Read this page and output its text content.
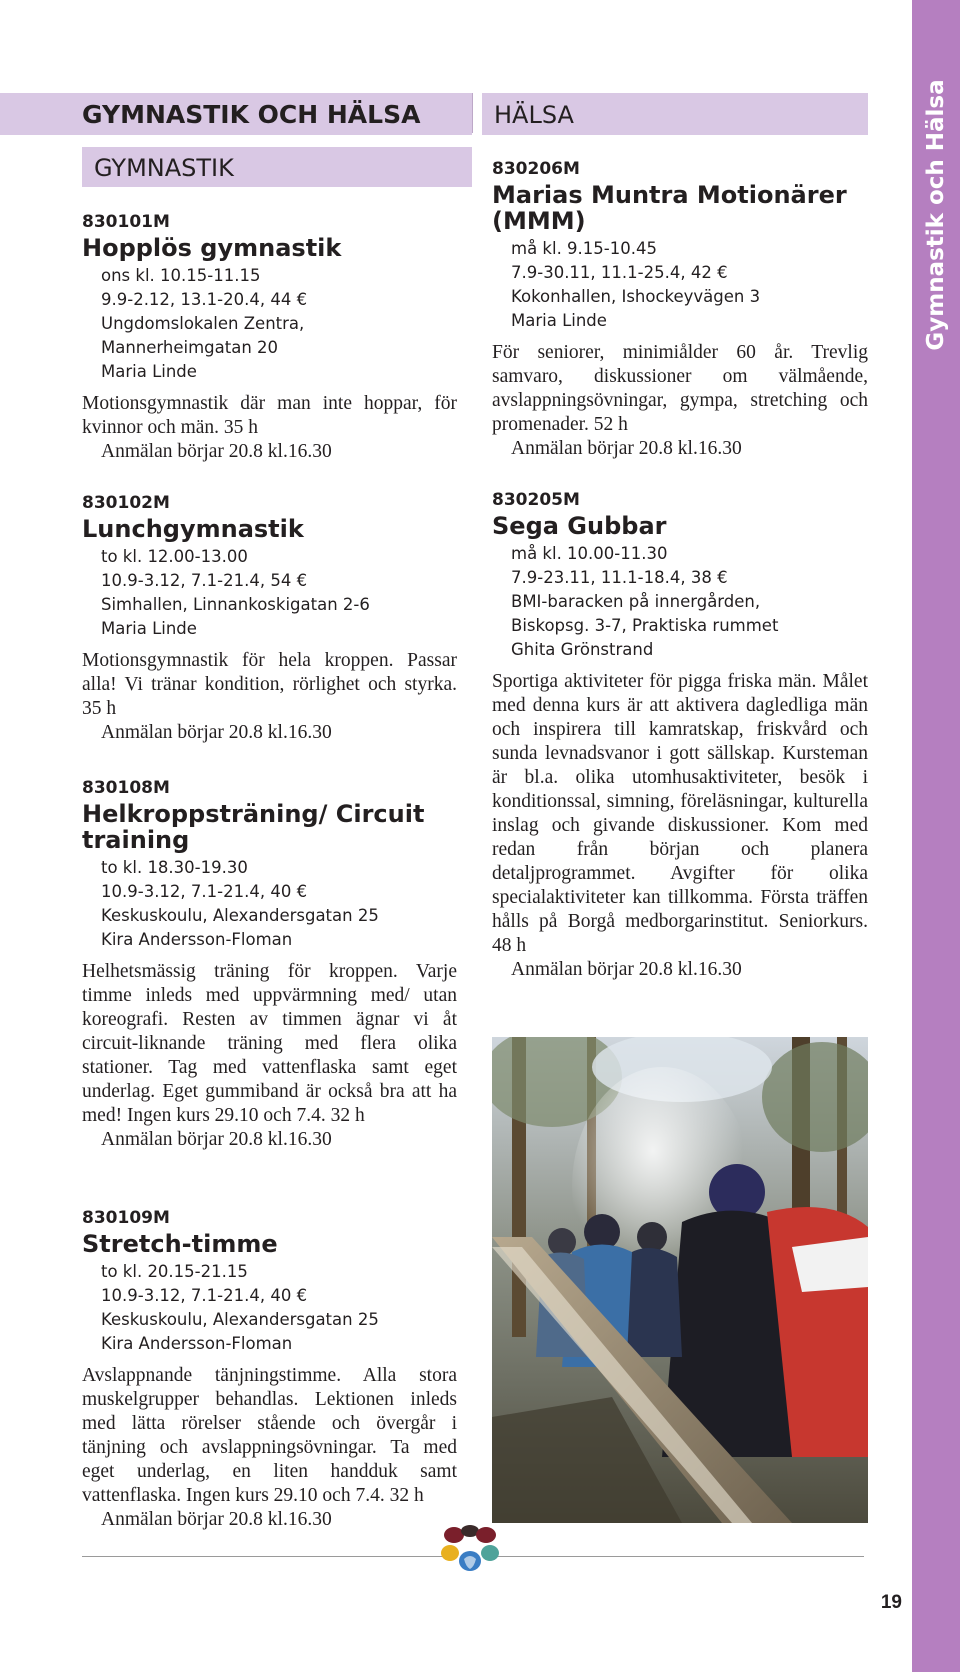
Gymnastik och Hälsa
GYMNASTIK OCH HÄLSA
GYMNASTIK
HÄLSA
830101M
Hopplös gymnastik
ons kl. 10.15-11.15
9.9-2.12, 13.1-20.4, 44 €
Ungdomslokalen Zentra,
Mannerheimgatan 20
Maria Linde
Motionsgymnastik där man inte hoppar, för kvinnor och män. 35 h
Anmälan börjar 20.8 kl.16.30
830102M
Lunchgymnastik
to kl. 12.00-13.00
10.9-3.12, 7.1-21.4, 54 €
Simhallen, Linnankoskigatan 2-6
Maria Linde
Motionsgymnastik för hela kroppen. Passar alla! Vi tränar kondition, rörlighet och styrka. 35 h
Anmälan börjar 20.8 kl.16.30
830108M
Helkroppsträning/ Circuit training
to kl. 18.30-19.30
10.9-3.12, 7.1-21.4, 40 €
Keskuskoulu, Alexandersgatan 25
Kira Andersson-Floman
Helhetsmässig träning för kroppen. Varje timme inleds med uppvärmning med/ utan koreografi. Resten av timmen ägnar vi åt circuit-liknande träning med flera olika stationer. Tag med vattenflaska samt eget underlag. Eget gummiband är också bra att ha med! Ingen kurs 29.10 och 7.4. 32 h
Anmälan börjar 20.8 kl.16.30
830109M
Stretch-timme
to kl. 20.15-21.15
10.9-3.12, 7.1-21.4, 40 €
Keskuskoulu, Alexandersgatan 25
Kira Andersson-Floman
Avslappnande tänjningstimme. Alla stora muskelgrupper behandlas. Lektionen inleds med lätta rörelser stående och övergår i tänjning och avslappningsövningar. Ta med eget underlag, en liten handduk samt vattenflaska. Ingen kurs 29.10 och 7.4. 32 h
Anmälan börjar 20.8 kl.16.30
830206M
Marias Muntra Motionärer (MMM)
må kl. 9.15-10.45
7.9-30.11, 11.1-25.4, 42 €
Kokonhallen, Ishockeyvägen 3
Maria Linde
För seniorer, minimiålder 60 år. Trevlig samvaro, diskussioner om välmående, avslappningsövningar, gympa, stretching och promenader. 52 h
Anmälan börjar 20.8 kl.16.30
830205M
Sega Gubbar
må kl. 10.00-11.30
7.9-23.11, 11.1-18.4, 38 €
BMI-baracken på innergården,
Biskopsg. 3-7, Praktiska rummet
Ghita Grönstrand
Sportiga aktiviteter för pigga friska män. Målet med denna kurs är att aktivera dagledliga män och inspirera till kamratskap, friskvård och sunda levnadsvanor i gott sällskap. Kursteman är bl.a. olika utomhusaktiviteter, besök i konditionssal, simning, föreläsningar, kulturella inslag och givande diskussioner. Kom med redan från början och planera detaljprogrammet. Avgifter för olika specialaktiviteter kan tillkomma. Första träffen hålls på Borgå medborgarinstitut. Seniorkurs. 48 h
Anmälan börjar 20.8 kl.16.30
19
